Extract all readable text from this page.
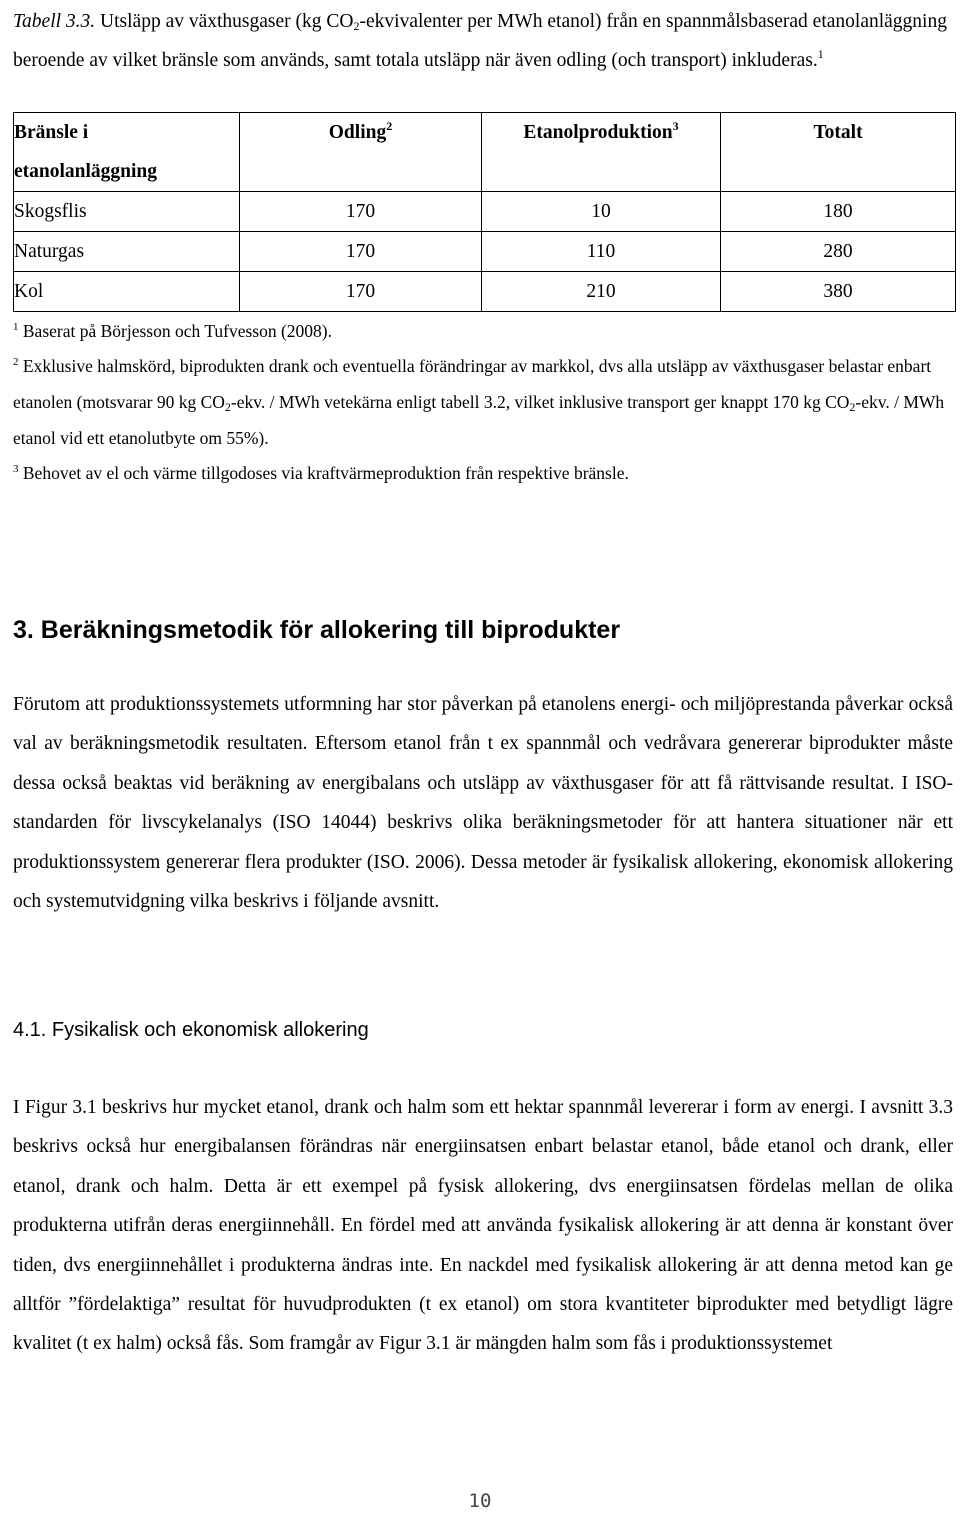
Tabell 3.3. Utsläpp av växthusgaser (kg $CO_2$-ekvivalenter per MWh etanol) från en spannmålsbaserad etanolanläggning beroende av vilket bränsle som används, samt totala utsläpp när även odling (och transport) inkluderas.$^1$
Bränsle i	Odling$^2$	Etanolproduktion$^3$	Totalt
etanolanläggning			
Skogsflis	170	10	180
Naturgas	170	110	280
Kol	170	210	380
$^1$ Baserat på Börjesson och Tufvesson (2008).
$^2$ Exklusive halmskörd, biprodukten drank och eventuella förändringar av markkol, dvs alla utsläpp av växthusgaser belastar enbart etanolen (motsvarar 90 kg $CO_2$-ekv. / MWh vetekärna enligt tabell 3.2, vilket inklusive transport ger knappt 170 kg $CO_2$-ekv. / MWh etanol vid ett etanolutbyte om 55%).
$^3$ Behovet av el och värme tillgodoses via kraftvärmeproduktion från respektive bränsle.
3. Beräkningsmetodik för allokering till biprodukter

Förutom att produktionssystemets utformning har stor påverkan på etanolens energi- och miljöprestanda påverkar också val av beräkningsmetodik resultaten. Eftersom etanol från t ex spannmål och vedråvara genererar biprodukter måste dessa också beaktas vid beräkning av energibalans och utsläpp av växthusgaser för att få rättvisande resultat. I ISO-standarden för livscykelanalys (ISO 14044) beskrivs olika beräkningsmetoder för att hantera situationer när ett produktionssystem genererar flera produkter (ISO. 2006). Dessa metoder är fysikalisk allokering, ekonomisk allokering och systemutvidgning vilka beskrivs i följande avsnitt.

4.1. Fysikalisk och ekonomisk allokering

I Figur 3.1 beskrivs hur mycket etanol, drank och halm som ett hektar spannmål levererar i form av energi. I avsnitt 3.3 beskrivs också hur energibalansen förändras när energiinsatsen enbart belastar etanol, både etanol och drank, eller etanol, drank och halm. Detta är ett exempel på fysisk allokering, dvs energiinsatsen fördelas mellan de olika produkterna utifrån deras energiinnehåll. En fördel med att använda fysikalisk allokering är att denna är konstant över tiden, dvs energiinnehållet i produkterna ändras inte. En nackdel med fysikalisk allokering är att denna metod kan ge alltför ”fördelaktiga” resultat för huvudprodukten (t ex etanol) om stora kvantiteter biprodukter med betydligt lägre kvalitet (t ex halm) också fås. Som framgår av Figur 3.1 är mängden halm som fås i produktionssystemet

10
